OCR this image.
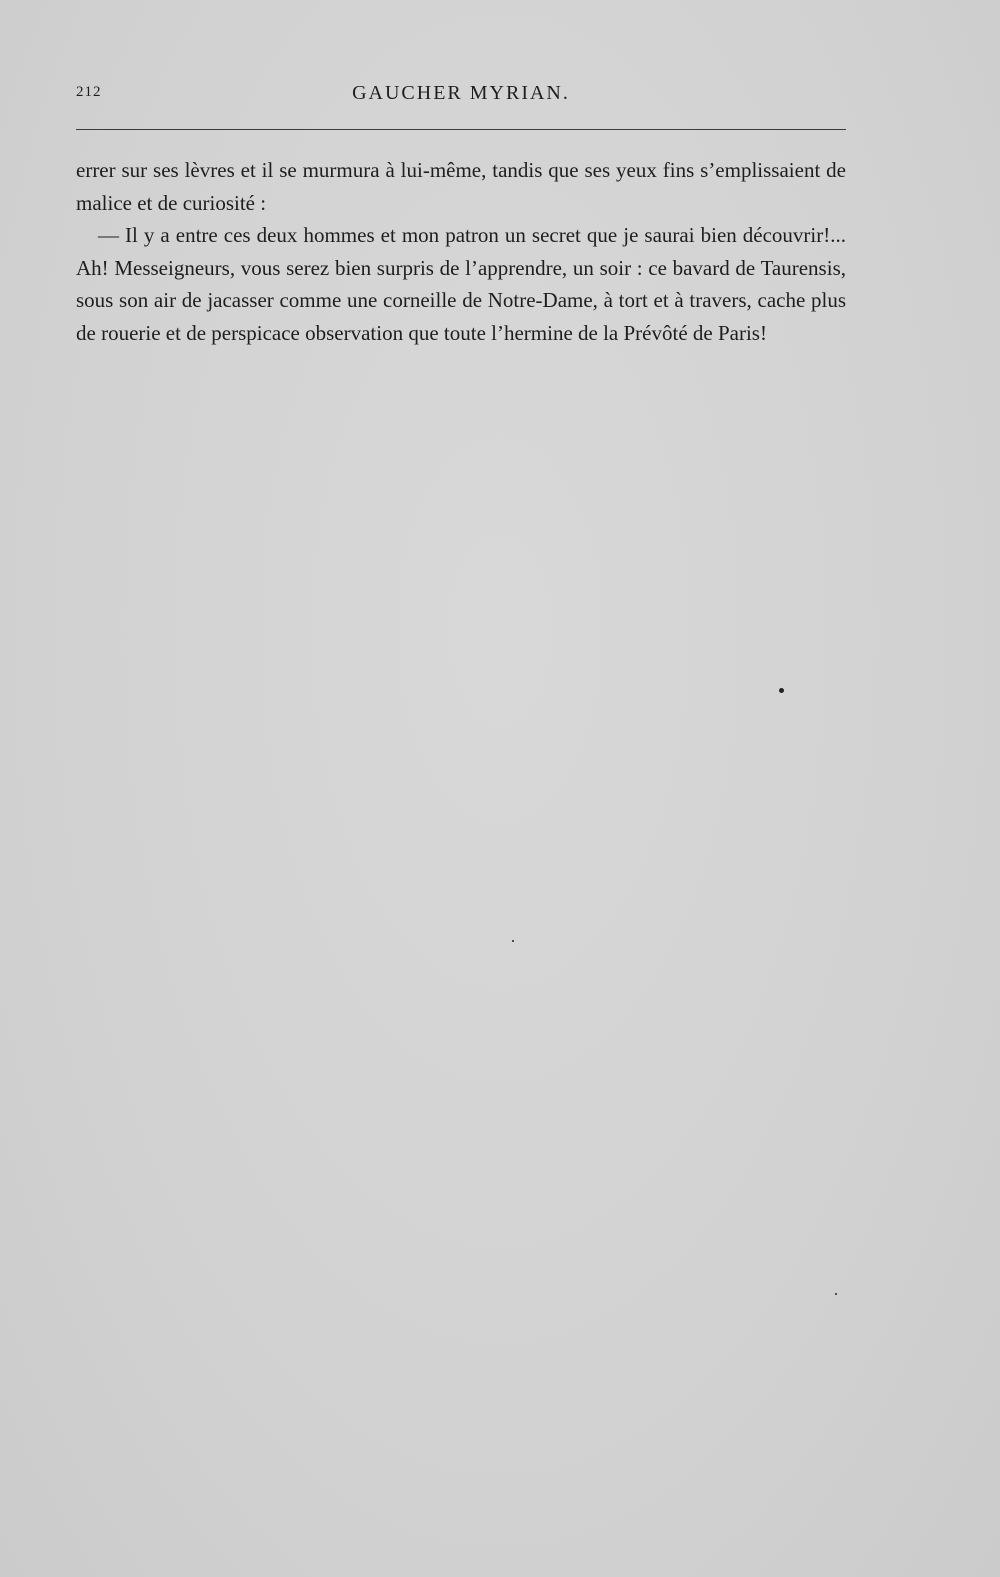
212	GAUCHER MYRIAN.

errer sur ses lèvres et il se murmura à lui-même, tandis que ses yeux fins s’emplissaient de malice et de curiosité :

— Il y a entre ces deux hommes et mon patron un secret que je saurai bien découvrir!... Ah! Messeigneurs, vous serez bien surpris de l’apprendre, un soir : ce bavard de Taurensis, sous son air de jacasser comme une corneille de Notre-Dame, à tort et à travers, cache plus de rouerie et de perspicace observation que toute l’hermine de la Prévôté de Paris!
